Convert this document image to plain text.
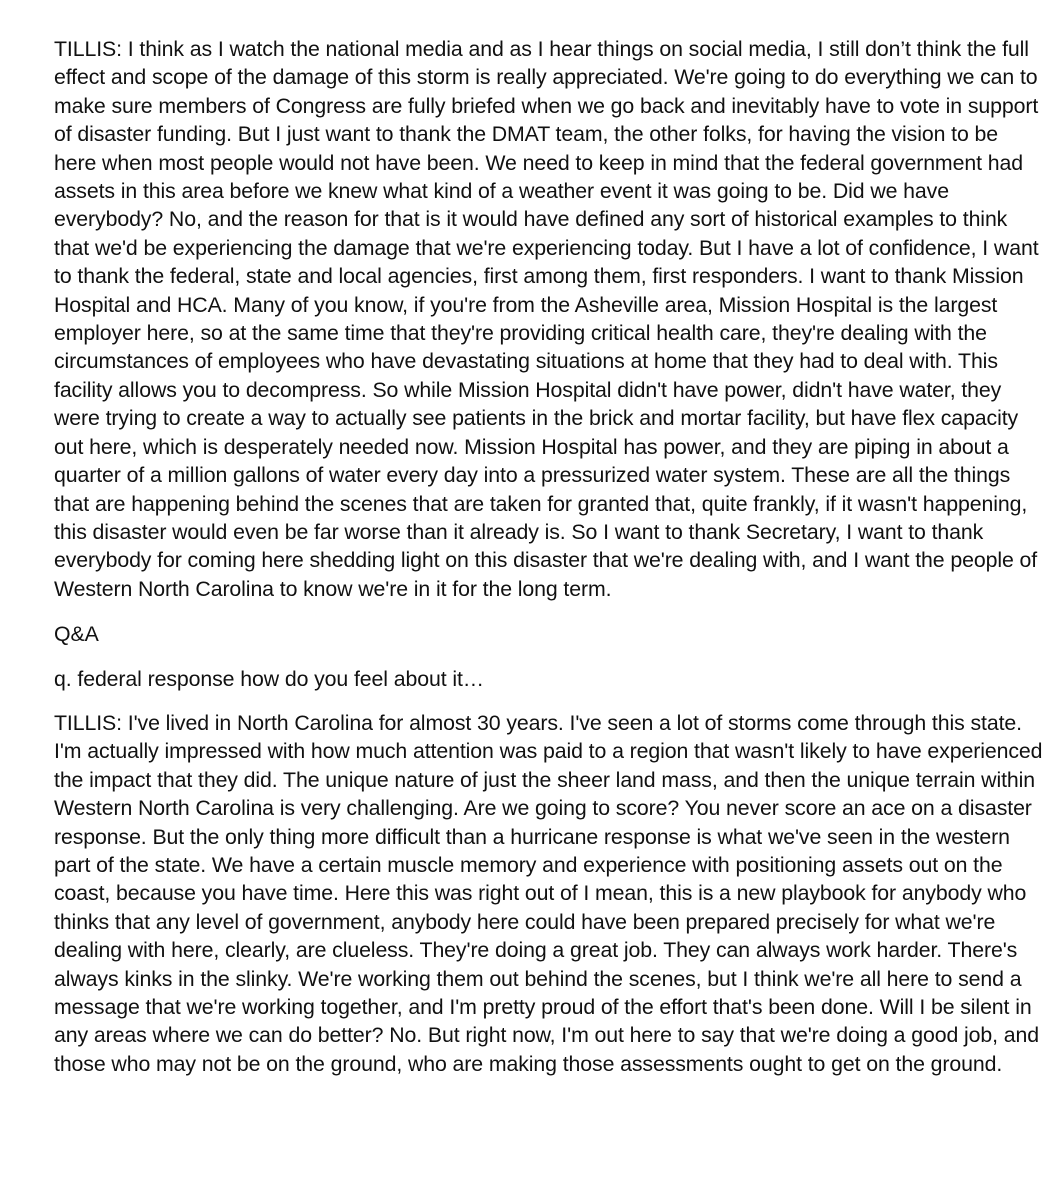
TILLIS: I think as I watch the national media and as I hear things on social media, I still don’t think the full effect and scope of the damage of this storm is really appreciated. We're going to do everything we can to make sure members of Congress are fully briefed when we go back and inevitably have to vote in support of disaster funding. But I just want to thank the DMAT team, the other folks, for having the vision to be here when most people would not have been. We need to keep in mind that the federal government had assets in this area before we knew what kind of a weather event it was going to be. Did we have everybody? No, and the reason for that is it would have defined any sort of historical examples to think that we'd be experiencing the damage that we're experiencing today. But I have a lot of confidence, I want to thank the federal, state and local agencies, first among them, first responders. I want to thank Mission Hospital and HCA. Many of you know, if you're from the Asheville area, Mission Hospital is the largest employer here, so at the same time that they're providing critical health care, they're dealing with the circumstances of employees who have devastating situations at home that they had to deal with. This facility allows you to decompress. So while Mission Hospital didn't have power, didn't have water, they were trying to create a way to actually see patients in the brick and mortar facility, but have flex capacity out here, which is desperately needed now. Mission Hospital has power, and they are piping in about a quarter of a million gallons of water every day into a pressurized water system. These are all the things that are happening behind the scenes that are taken for granted that, quite frankly, if it wasn't happening, this disaster would even be far worse than it already is. So I want to thank Secretary, I want to thank everybody for coming here shedding light on this disaster that we're dealing with, and I want the people of Western North Carolina to know we're in it for the long term.

Q&A

q. federal response how do you feel about it…

TILLIS: I've lived in North Carolina for almost 30 years. I've seen a lot of storms come through this state. I'm actually impressed with how much attention was paid to a region that wasn't likely to have experienced the impact that they did. The unique nature of just the sheer land mass, and then the unique terrain within Western North Carolina is very challenging. Are we going to score? You never score an ace on a disaster response. But the only thing more difficult than a hurricane response is what we've seen in the western part of the state. We have a certain muscle memory and experience with positioning assets out on the coast, because you have time. Here this was right out of I mean, this is a new playbook for anybody who thinks that any level of government, anybody here could have been prepared precisely for what we're dealing with here, clearly, are clueless. They're doing a great job. They can always work harder. There's always kinks in the slinky. We're working them out behind the scenes, but I think we're all here to send a message that we're working together, and I'm pretty proud of the effort that's been done. Will I be silent in any areas where we can do better? No. But right now, I'm out here to say that we're doing a good job, and those who may not be on the ground, who are making those assessments ought to get on the ground.
